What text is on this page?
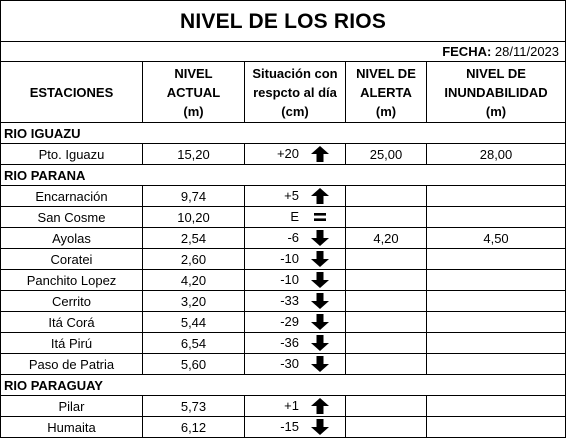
NIVEL DE LOS RIOS				
FECHA: 28/11/2023				
ESTACIONES	NIVEL
ACTUAL
(m)	Situación con
respcto al día
(cm)	NIVEL DE
ALERTA
(m)	NIVEL DE
INUNDABILIDAD
(m)
RIO IGUAZU				
Pto. Iguazu	15,20	+20	25,00	28,00
RIO PARANA				
Encarnación	9,74	+5		

San Cosme	10,20	E		

Ayolas	2,54	-6	4,20	4,50
Coratei	2,60	-10		

Panchito Lopez	4,20	-10		

Cerrito	3,20	-33		

Itá Corá	5,44	-29		

Itá Pirú	6,54	-36		

Paso de Patria	5,60	-30		

RIO PARAGUAY				
Pilar	5,73	+1		

Humaita	6,12	-15		
